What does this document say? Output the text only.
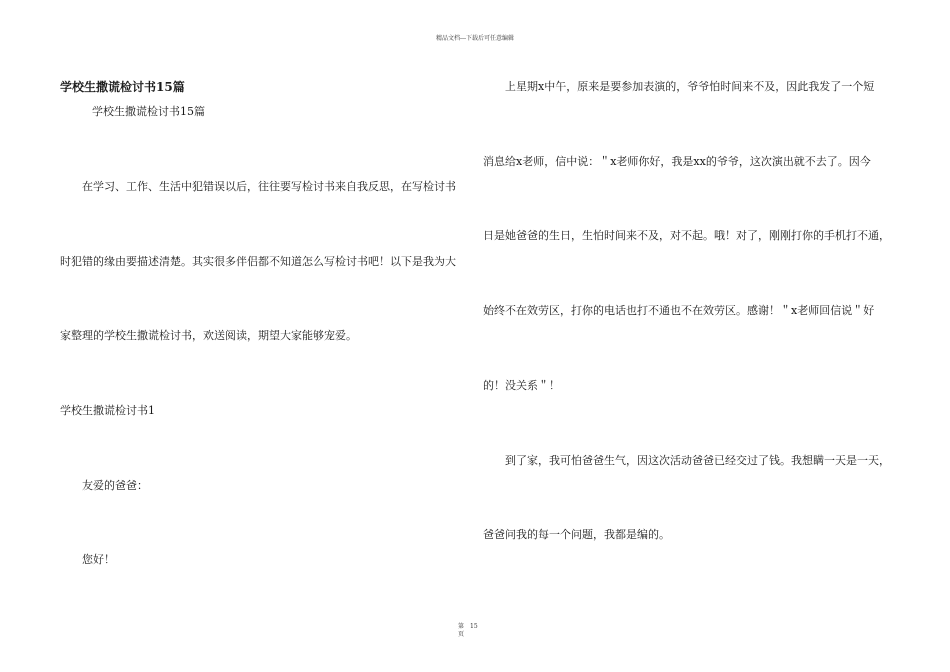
精品文档---下载后可任意编辑
学校生撒谎检讨书15篇
学校生撒谎检讨书15篇
在学习、工作、生活中犯错误以后，往往要写检讨书来自我反思，在写检讨书
时犯错的缘由要描述清楚。其实很多伴侣都不知道怎么写检讨书吧！以下是我为大
家整理的学校生撒谎检讨书，欢送阅读，期望大家能够宠爱。
学校生撒谎检讨书1
友爱的爸爸：
您好！
上星期x中午，原来是要参加表演的，爷爷怕时间来不及，因此我发了一个短
消息给x老师，信中说：＂x老师你好，我是xx的爷爷，这次演出就不去了。因今
日是她爸爸的生日，生怕时间来不及，对不起。哦！对了，刚刚打你的手机打不通，
始终不在效劳区，打你的电话也打不通也不在效劳区。感谢！＂x老师回信说＂好
的！没关系＂！
到了家，我可怕爸爸生气，因这次活动爸爸已经交过了钱。我想瞒一天是一天，
爸爸问我的每一个问题，我都是编的。
第
页
15
